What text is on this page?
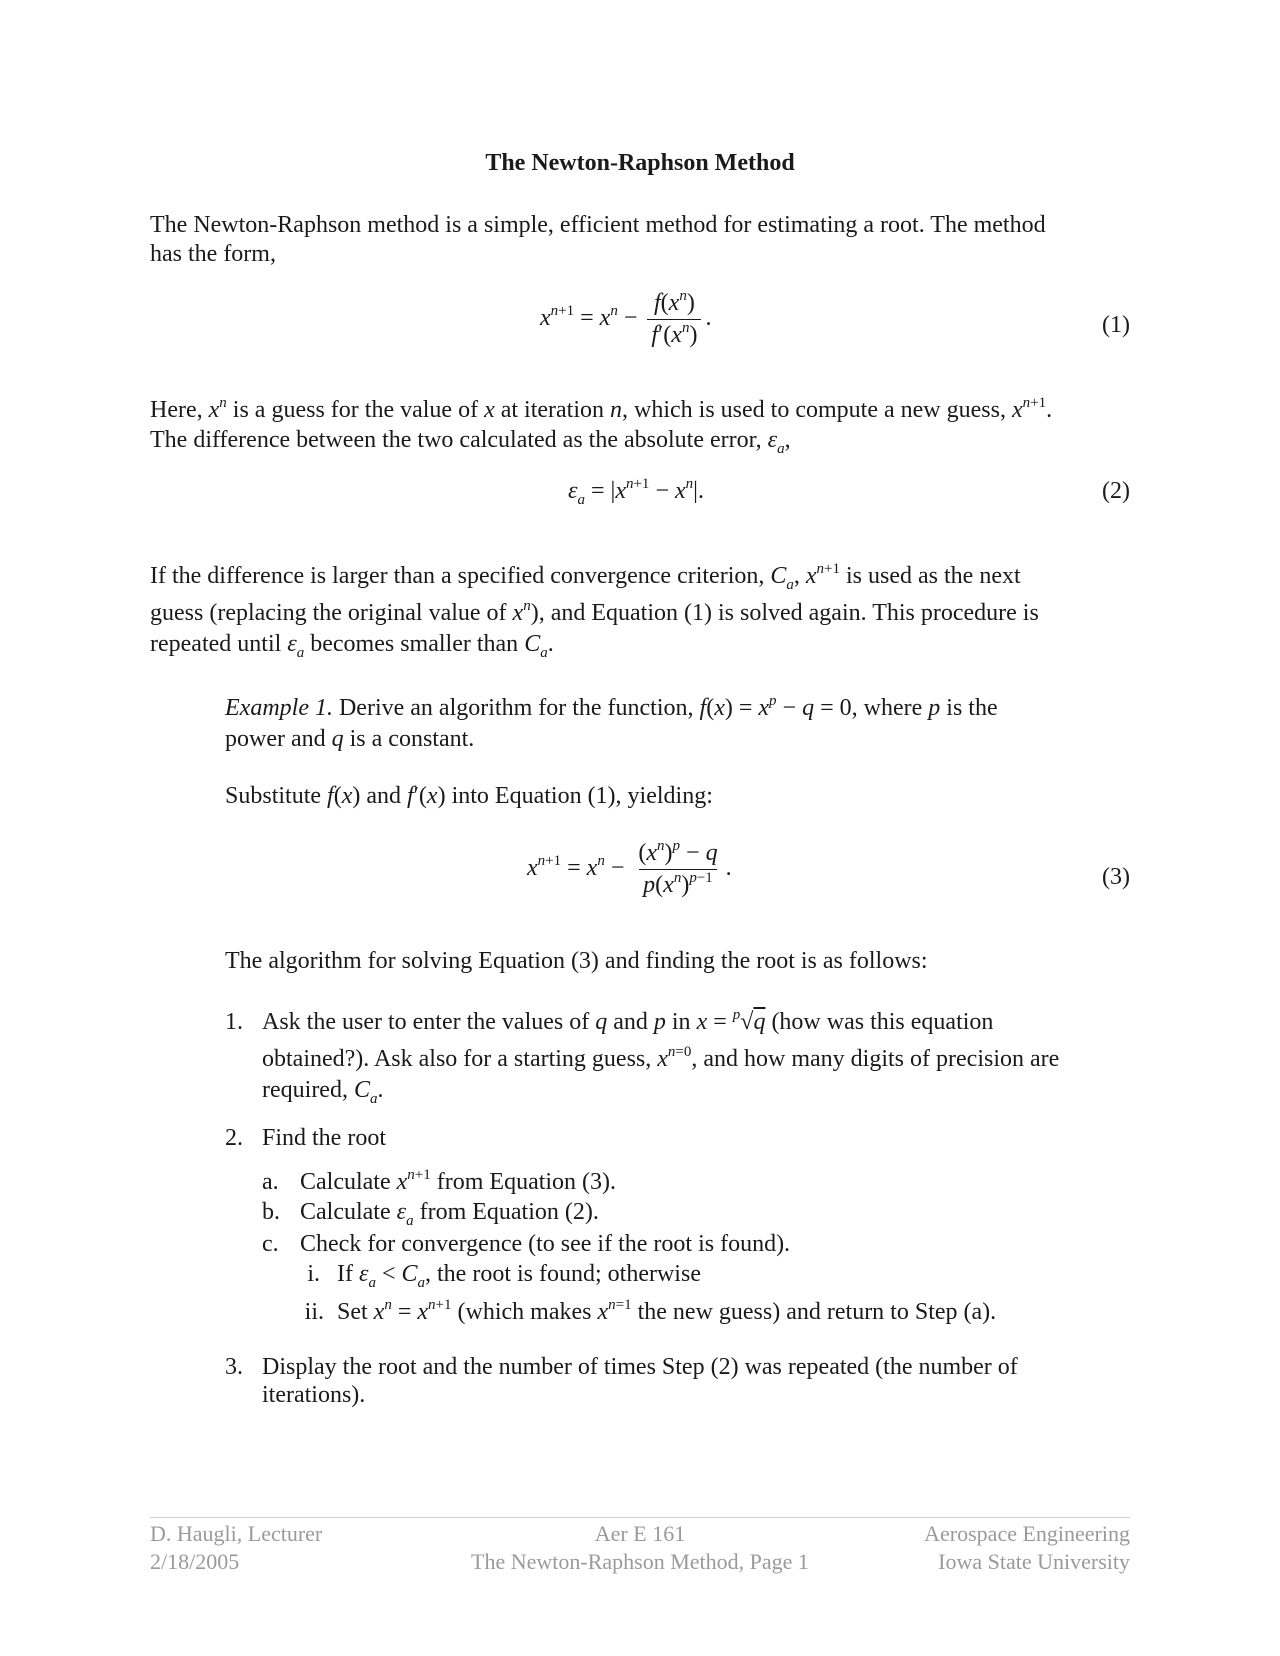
The Newton-Raphson Method
The Newton-Raphson method is a simple, efficient method for estimating a root. The method
has the form,
$x^{n+1} = x^n - \frac{f(x^n)}{f'(x^n)}$ .	(1)
Here, $x^n$ is a guess for the value of x at iteration n, which is used to compute a new guess, $x^{n+1}$.
The difference between the two calculated as the absolute error, $\varepsilon_a$,
$\varepsilon_a = |x^{n+1} - x^n|$.	(2)
If the difference is larger than a specified convergence criterion, $C_a$, $x^{n+1}$ is used as the next
guess (replacing the original value of $x^n$), and Equation (1) is solved again. This procedure is
repeated until $\varepsilon_a$ becomes smaller than $C_a$.
Example 1. Derive an algorithm for the function, $f(x) = x^p - q = 0$, where p is the
power and q is a constant.
Substitute f(x) and f′(x) into Equation (1), yielding:
$x^{n+1} = x^n - \frac{(x^n)^p - q}{p(x^n)^{p-1}}$ .	(3)
The algorithm for solving Equation (3) and finding the root is as follows:
1. Ask the user to enter the values of q and p in x = $^p$√q (how was this equation
obtained?). Ask also for a starting guess, $x^{n=0}$, and how many digits of precision are
required, $C_a$.
2. Find the root
a. Calculate $x^{n+1}$ from Equation (3).
b. Calculate $\varepsilon_a$ from Equation (2).
c. Check for convergence (to see if the root is found).
i. If $\varepsilon_a < C_a$, the root is found; otherwise
ii. Set $x^n = x^{n+1}$ (which makes $x^{n=1}$ the new guess) and return to Step (a).
3. Display the root and the number of times Step (2) was repeated (the number of
iterations).
D. Haugli, Lecturer
2/18/2005
Aer E 161
The Newton-Raphson Method, Page 1
Aerospace Engineering
Iowa State University
